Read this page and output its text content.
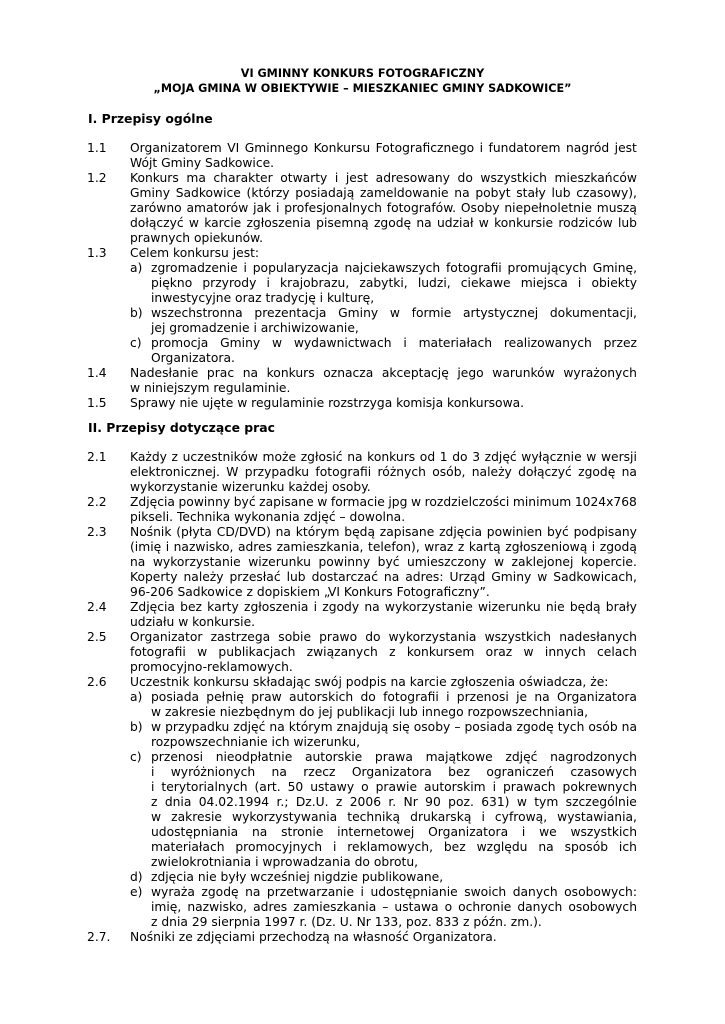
VI GMINNY KONKURS FOTOGRAFICZNY
„MOJA GMINA W OBIEKTYWIE – MIESZKANIEC GMINY SADKOWICE”
I. Przepisy ogólne
II. Przepisy dotyczące prac
1.1 Organizatorem VI Gminnego Konkursu Fotograficznego i fundatorem nagród jest
Wójt Gminy Sadkowice.
1.2 Konkurs ma charakter otwarty i jest adresowany do wszystkich mieszkańców
Gminy Sadkowice (którzy posiadają zameldowanie na pobyt stały lub czasowy),
zarówno amatorów jak i profesjonalnych fotografów. Osoby niepełnoletnie muszą
dołączyć w karcie zgłoszenia pisemną zgodę na udział w konkursie rodziców lub
prawnych opiekunów.
1.3 Celem konkursu jest:
a) zgromadzenie i popularyzacja najciekawszych fotografii promujących Gminę,
piękno przyrody i krajobrazu, zabytki, ludzi, ciekawe miejsca i obiekty
inwestycyjne oraz tradycję i kulturę,
b) wszechstronna prezentacja Gminy w formie artystycznej dokumentacji,
jej gromadzenie i archiwizowanie,
c) promocja Gminy w wydawnictwach i materiałach realizowanych przez
Organizatora.
1.4 Nadesłanie prac na konkurs oznacza akceptację jego warunków wyrażonych
w niniejszym regulaminie.
1.5 Sprawy nie ujęte w regulaminie rozstrzyga komisja konkursowa.
2.1 Każdy z uczestników może zgłosić na konkurs od 1 do 3 zdjęć wyłącznie w wersji
elektronicznej. W przypadku fotografii różnych osób, należy dołączyć zgodę na
wykorzystanie wizerunku każdej osoby.
2.2 Zdjęcia powinny być zapisane w formacie jpg w rozdzielczości minimum 1024x768
pikseli. Technika wykonania zdjęć – dowolna.
2.3 Nośnik (płyta CD/DVD) na którym będą zapisane zdjęcia powinien być podpisany
(imię i nazwisko, adres zamieszkania, telefon), wraz z kartą zgłoszeniową i zgodą
na wykorzystanie wizerunku powinny być umieszczony w zaklejonej kopercie.
Koperty należy przesłać lub dostarczać na adres: Urząd Gminy w Sadkowicach,
96-206 Sadkowice z dopiskiem „VI Konkurs Fotograficzny”.
2.4 Zdjęcia bez karty zgłoszenia i zgody na wykorzystanie wizerunku nie będą brały
udziału w konkursie.
2.5 Organizator zastrzega sobie prawo do wykorzystania wszystkich nadesłanych
fotografii w publikacjach związanych z konkursem oraz w innych celach
promocyjno-reklamowych.
2.6 Uczestnik konkursu składając swój podpis na karcie zgłoszenia oświadcza, że:
a) posiada pełnię praw autorskich do fotografii i przenosi je na Organizatora
w zakresie niezbędnym do jej publikacji lub innego rozpowszechniania,
b) w przypadku zdjęć na którym znajdują się osoby – posiada zgodę tych osób na
rozpowszechnianie ich wizerunku,
c) przenosi nieodpłatnie autorskie prawa majątkowe zdjęć nagrodzonych
i wyróżnionych na rzecz Organizatora bez ograniczeń czasowych
i terytorialnych (art. 50 ustawy o prawie autorskim i prawach pokrewnych
z dnia 04.02.1994 r.; Dz.U. z 2006 r. Nr 90 poz. 631) w tym szczególnie
w zakresie wykorzystywania techniką drukarską i cyfrową, wystawiania,
udostępniania na stronie internetowej Organizatora i we wszystkich
materiałach promocyjnych i reklamowych, bez względu na sposób ich
zwielokrotniania i wprowadzania do obrotu,
d) zdjęcia nie były wcześniej nigdzie publikowane,
e) wyraża zgodę na przetwarzanie i udostępnianie swoich danych osobowych:
imię, nazwisko, adres zamieszkania – ustawa o ochronie danych osobowych
z dnia 29 sierpnia 1997 r. (Dz. U. Nr 133, poz. 833 z późn. zm.).
2.7. Nośniki ze zdjęciami przechodzą na własność Organizatora.
